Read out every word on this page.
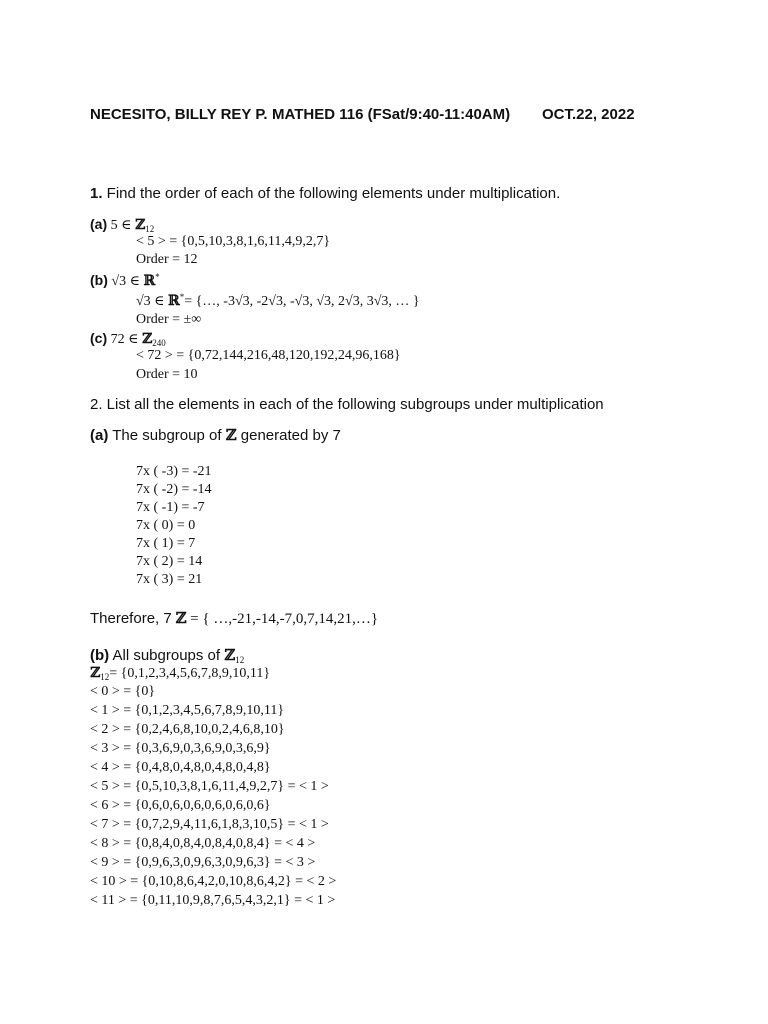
NECESITO, BILLY REY P. MATHED 116 (FSat/9:40-11:40AM) OCT.22, 2022
1. Find the order of each of the following elements under multiplication.
(a) 5 ∈ ℤ$_{12}$
< 5 > = {0,5,10,3,8,1,6,11,4,9,2,7}
Order = 12
(b) √3 ∈ ℝ*
√3 ∈ ℝ*= {…, -3√3, -2√3, -√3, √3, 2√3, 3√3, … }
Order = ±∞
(c) 72 ∈ ℤ$_{240}$
< 72 > = {0,72,144,216,48,120,192,24,96,168}
Order = 10
2. List all the elements in each of the following subgroups under multiplication
(a) The subgroup of ℤ generated by 7
7x ( -3) = -21
7x ( -2) = -14
7x ( -1) = -7
7x ( 0) = 0
7x ( 1) = 7
7x ( 2) = 14
7x ( 3) = 21
Therefore, 7 ℤ = { …,-21,-14,-7,0,7,14,21,…}
(b) All subgroups of ℤ$_{12}$
ℤ$_{12}$= {0,1,2,3,4,5,6,7,8,9,10,11}
< 0 > = {0}
< 1 > = {0,1,2,3,4,5,6,7,8,9,10,11}
< 2 > = {0,2,4,6,8,10,0,2,4,6,8,10}
< 3 > = {0,3,6,9,0,3,6,9,0,3,6,9}
< 4 > = {0,4,8,0,4,8,0,4,8,0,4,8}
< 5 > = {0,5,10,3,8,1,6,11,4,9,2,7} = < 1 >
< 6 > = {0,6,0,6,0,6,0,6,0,6,0,6}
< 7 > = {0,7,2,9,4,11,6,1,8,3,10,5} = < 1 >
< 8 > = {0,8,4,0,8,4,0,8,4,0,8,4} = < 4 >
< 9 > = {0,9,6,3,0,9,6,3,0,9,6,3} = < 3 >
< 10 > = {0,10,8,6,4,2,0,10,8,6,4,2} = < 2 >
< 11 > = {0,11,10,9,8,7,6,5,4,3,2,1} = < 1 >
